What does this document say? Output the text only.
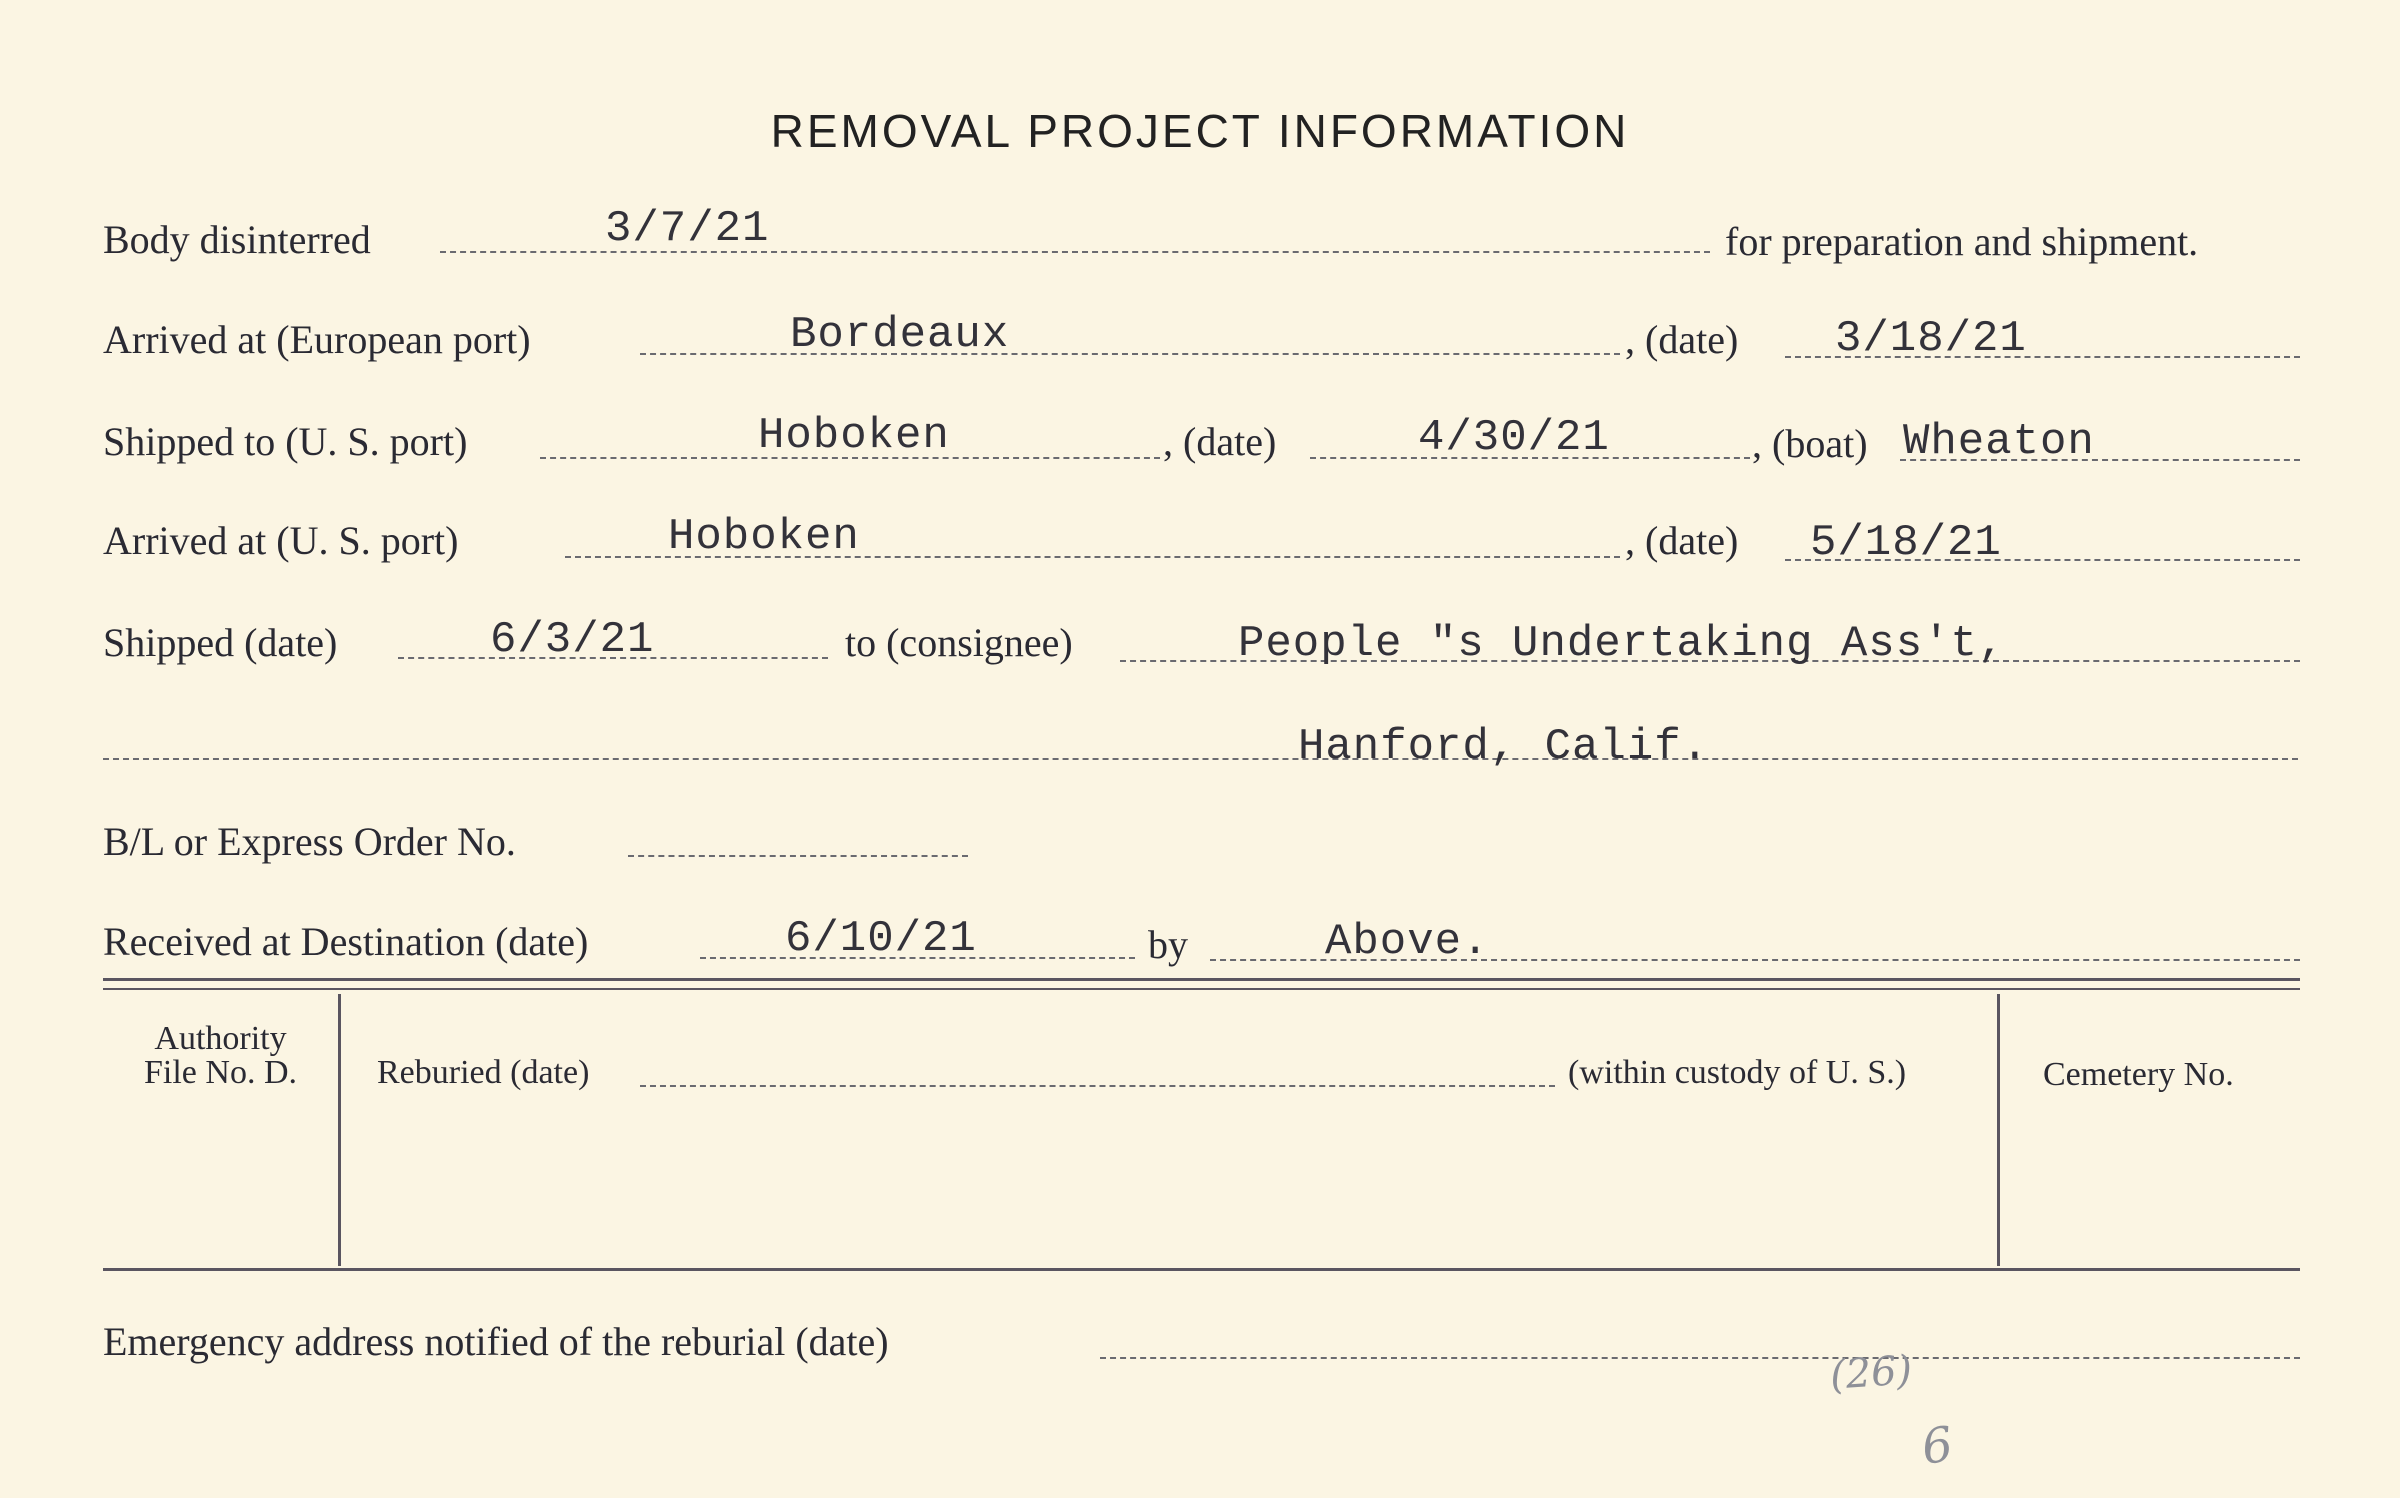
REMOVAL PROJECT INFORMATION
Body disinterred	3/7/21	for preparation and shipment.
Arrived at (European port)	Bordeaux	, (date) 3/18/21
Shipped to (U. S. port)	Hoboken	, (date)	4/30/21	, (boat) Wheaton
Arrived at (U. S. port)	Hoboken	, (date) 5/18/21
Shipped (date)	6/3/21	to (consignee)	People "s Undertaking Ass't,
Hanford, Calif.
B/L or Express Order No.
Received at Destination (date)	6/10/21	by	Above.
Authority
File No. D.	Reburied (date)	(within custody of U. S.)	Cemetery No.
Emergency address notified of the reburial (date)
(26)
6
